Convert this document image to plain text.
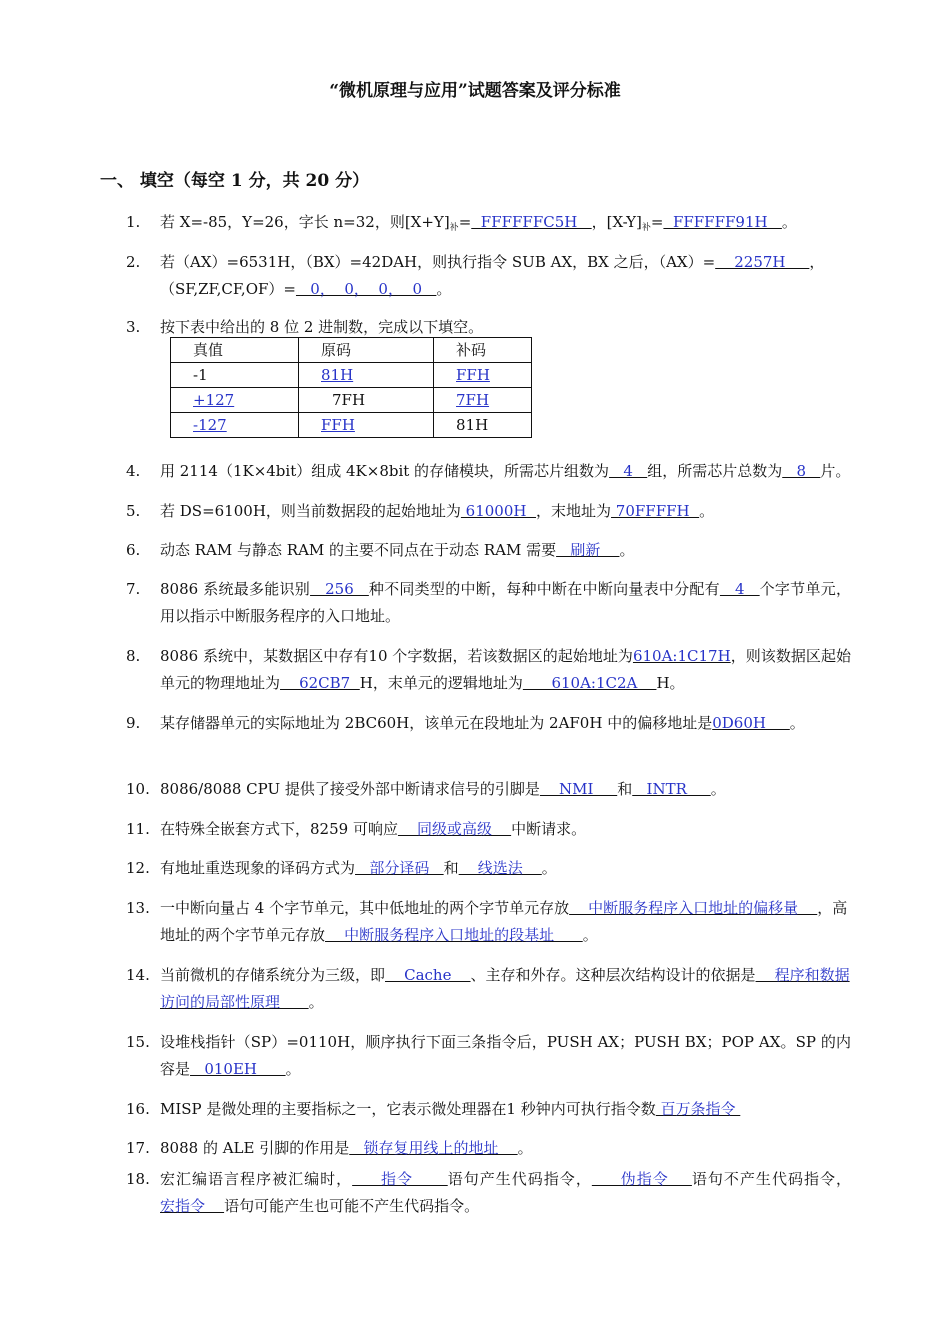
“微机原理与应用”试题答案及评分标准
一、 填空（每空 1 分，共 20 分）
1. 若 X=-85，Y=26，字长 n=32，则$[X+Y]_补=$  FFFFFFC5H   ，$[X-Y]_补=$  FFFFFF91H   。
2. 若（AX）=6531H，（BX）=42DAH，则执行指令 SUB AX，BX 之后，（AX）=    2257H     ，（SF,ZF,CF,OF）=   0，  0，  0，  0   。
3. 按下表中给出的 8 位 2 进制数，完成以下填空。
真值	原码	补码
-1	81H	FFH
+127	7FH	7FH
-127	FFH	81H
4. 用 2114（1K×4bit）组成 4K×8bit 的存储模块，所需芯片组数为   4   组，所需芯片总数为   8   片。
5. 若 DS=6100H，则当前数据段的起始地址为 61000H  ，末地址为 70FFFFH  。
6. 动态 RAM 与静态 RAM 的主要不同点在于动态 RAM 需要   刷新    。
7. 8086 系统最多能识别   256   种不同类型的中断，每种中断在中断向量表中分配有   4   个字节单元，用以指示中断服务程序的入口地址。
8. 8086 系统中，某数据区中存有10 个字数据，若该数据区的起始地址为610A:1C17H，则该数据区起始单元的物理地址为    62CB7  H，末单元的逻辑地址为      610A:1C2A    H。
9. 某存储器单元的实际地址为 2BC60H，该单元在段地址为 2AF0H 中的偏移地址是0D60H     。
10. 8086/8088 CPU 提供了接受外部中断请求信号的引脚是    NMI     和   INTR     。
11. 在特殊全嵌套方式下，8259 可响应    同级或高级    中断请求。
12. 有地址重迭现象的译码方式为   部分译码   和    线选法    。
13. 一中断向量占 4 个字节单元，其中低地址的两个字节单元存放    中断服务程序入口地址的偏移量    ，高地址的两个字节单元存放    中断服务程序入口地址的段基址      。
14. 当前微机的存储系统分为三级，即    Cache    、主存和外存。这种层次结构设计的依据是    程序和数据访问的局部性原理      。
15. 设堆栈指针（SP）=0110H，顺序执行下面三条指令后，PUSH AX；PUSH BX；POP AX。SP 的内容是   010EH      。
16. MISP 是微处理的主要指标之一，它表示微处理器在1 秒钟内可执行指令数 百万条指令
17. 8088 的 ALE 引脚的作用是   锁存复用线上的地址    。
18. 宏汇编语言程序被汇编时，     指令      语句产生代码指令，     伪指令    语句不产生代码指令，宏指令    语句可能产生也可能不产生代码指令。
